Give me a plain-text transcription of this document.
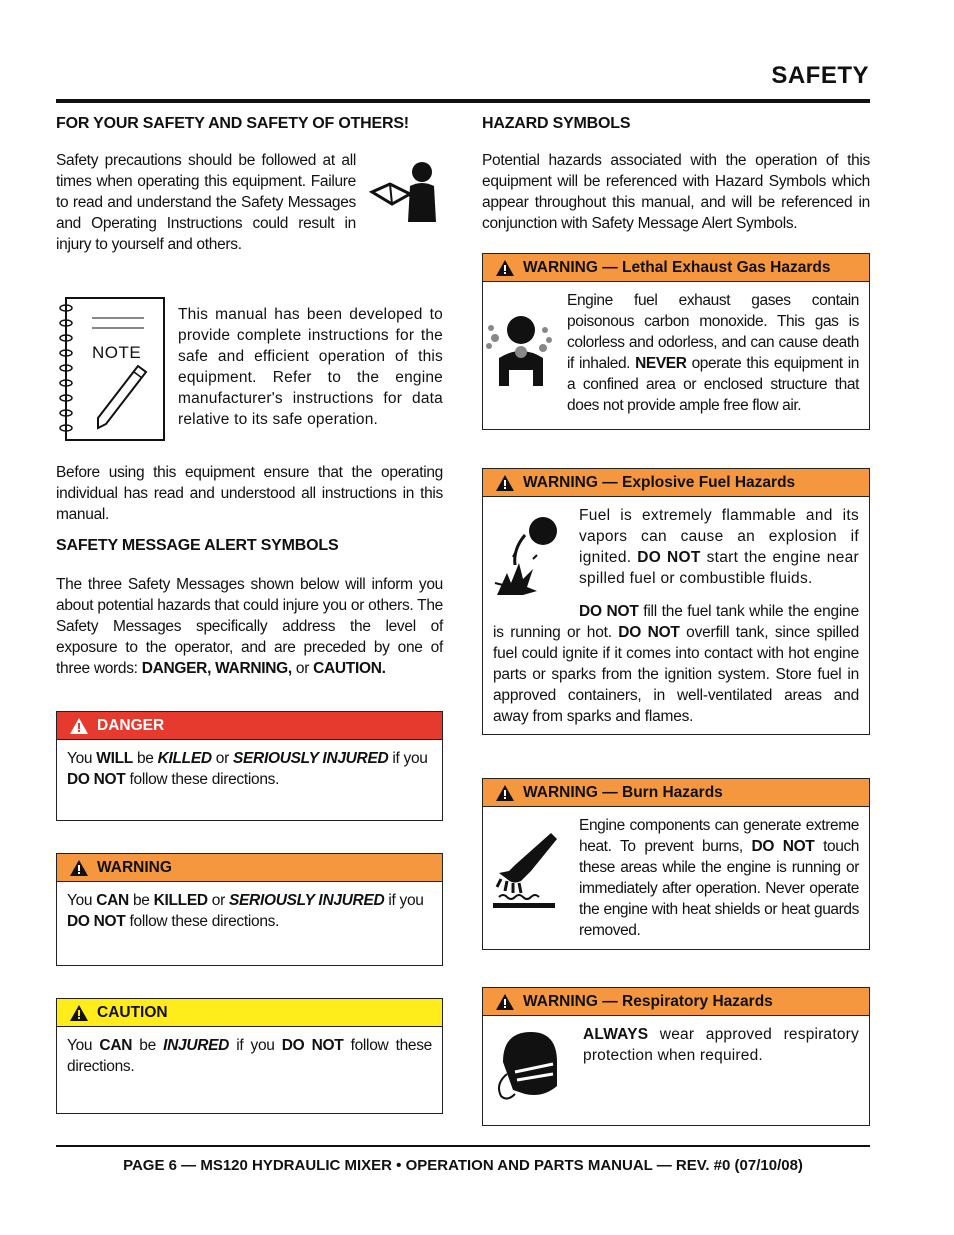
SAFETY
FOR YOUR SAFETY AND SAFETY OF OTHERS!
Safety precautions should be followed at all times when operating this equipment. Failure to read and understand the Safety Messages and Operating Instructions could result in injury to yourself and others.
NOTE
This manual has been developed to provide complete instructions for the safe and efficient operation of this equipment. Refer to the engine manufacturer's instructions for data relative to its safe operation.
Before using this equipment ensure that the operating individual has read and understood all instructions in this manual.
SAFETY MESSAGE ALERT SYMBOLS
The three Safety Messages shown below will inform you about potential hazards that could injure you or others. The Safety Messages specifically address the level of exposure to the operator, and are preceded by one of three words: DANGER, WARNING, or CAUTION.
DANGER
You WILL be KILLED or SERIOUSLY INJURED if you DO NOT follow these directions.
WARNING
You CAN be KILLED or SERIOUSLY INJURED if you DO NOT follow these directions.
CAUTION
You CAN be INJURED if you DO NOT follow these directions.
HAZARD SYMBOLS
Potential hazards associated with the operation of this equipment will be referenced with Hazard Symbols which appear throughout this manual, and will be referenced in conjunction with Safety Message Alert Symbols.
WARNING — Lethal Exhaust Gas Hazards
Engine fuel exhaust gases contain poisonous carbon monoxide. This gas is colorless and odorless, and can cause death if inhaled. NEVER operate this equipment in a confined area or enclosed structure that does not provide ample free flow air.
WARNING — Explosive Fuel Hazards
Fuel is extremely flammable and its vapors can cause an explosion if ignited. DO NOT start the engine near spilled fuel or combustible fluids.
DO NOT fill the fuel tank while the engine is running or hot. DO NOT overfill tank, since spilled fuel could ignite if it comes into contact with hot engine parts or sparks from the ignition system. Store fuel in approved containers, in well-ventilated areas and away from sparks and flames.
WARNING — Burn Hazards
Engine components can generate extreme heat. To prevent burns, DO NOT touch these areas while the engine is running or immediately after operation. Never operate the engine with heat shields or heat guards removed.
WARNING — Respiratory Hazards
ALWAYS wear approved respiratory protection when required.
PAGE 6 — MS120 HYDRAULIC MIXER • OPERATION AND PARTS MANUAL — REV. #0 (07/10/08)
